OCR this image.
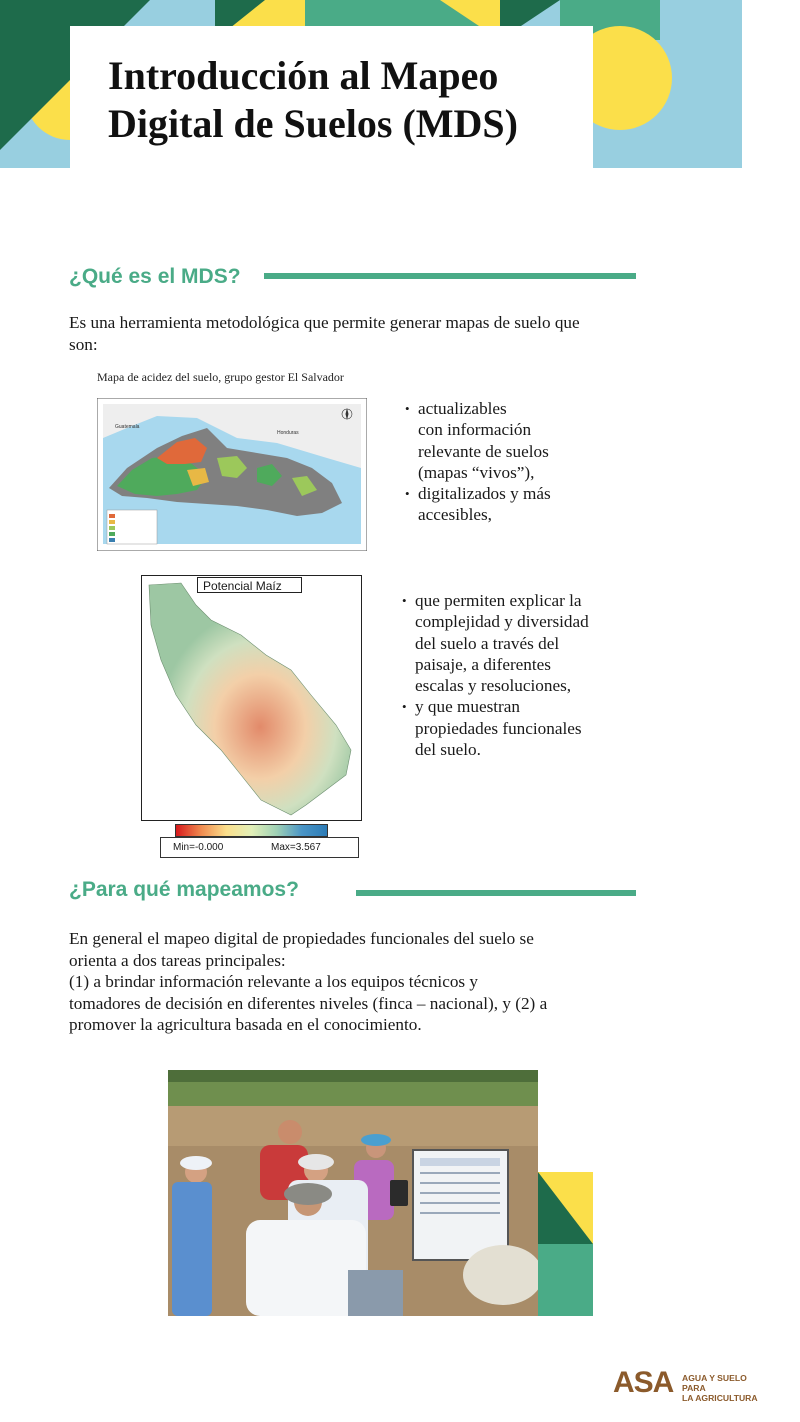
Introducción al Mapeo Digital de Suelos (MDS)
¿Qué es el MDS?

Es una herramienta metodológica que permite generar mapas de suelo que son:

Mapa de acidez del suelo, grupo gestor El Salvador

Guatemala
Honduras
• actualizables
con información
relevante de suelos
(mapas “vivos”),
• digitalizados y más
accesibles,
Potencial Maíz
Min=-0.000	Max=3.567
• que permiten explicar la
complejidad y diversidad
del suelo a través del
paisaje, a diferentes
escalas y resoluciones,
• y que muestran
propiedades funcionales
del suelo.
¿Para qué mapeamos?
En general el mapeo digital de propiedades funcionales del suelo se
orienta a dos tareas principales:
(1) a brindar información relevante a los equipos técnicos y
tomadores de decisión en diferentes niveles (finca – nacional), y (2) a
promover la agricultura basada en el conocimiento.
ASA AGUA Y SUELO PARA
LA AGRICULTURA
